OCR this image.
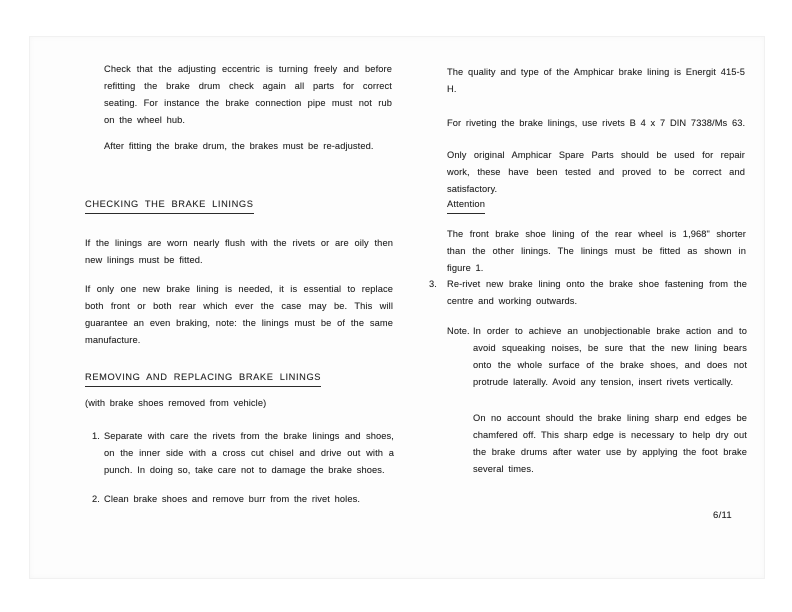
Check that the adjusting eccentric is turning freely and before refitting the brake drum check again all parts for correct seating. For instance the brake connection pipe must not rub on the wheel hub.
After fitting the brake drum, the brakes must be re-adjusted.
CHECKING THE BRAKE LININGS
If the linings are worn nearly flush with the rivets or are oily then new linings must be fitted.
If only one new brake lining is needed, it is essential to replace both front or both rear which ever the case may be. This will guarantee an even braking, note: the linings must be of the same manufacture.
REMOVING AND REPLACING BRAKE LININGS
(with brake shoes removed from vehicle)
1. Separate with care the rivets from the brake linings and shoes, on the inner side with a cross cut chisel and drive out with a punch. In doing so, take care not to damage the brake shoes.
2. Clean brake shoes and remove burr from the rivet holes.
The quality and type of the Amphicar brake lining is Energit 415-5 H.
For riveting the brake linings, use rivets B 4 x 7 DIN 7338/Ms 63.
Only original Amphicar Spare Parts should be used for repair work, these have been tested and proved to be correct and satisfactory.
Attention
The front brake shoe lining of the rear wheel is 1,968" shorter than the other linings. The linings must be fitted as shown in figure 1.
3.	Re-rivet new brake lining onto the brake shoe fastening from the centre and working outwards.
Note. In order to achieve an unobjectionable brake action and to avoid squeaking noises, be sure that the new lining bears onto the whole surface of the brake shoes, and does not protrude laterally. Avoid any tension, insert rivets vertically.
On no account should the brake lining sharp end edges be chamfered off. This sharp edge is necessary to help dry out the brake drums after water use by applying the foot brake several times.
6/11
